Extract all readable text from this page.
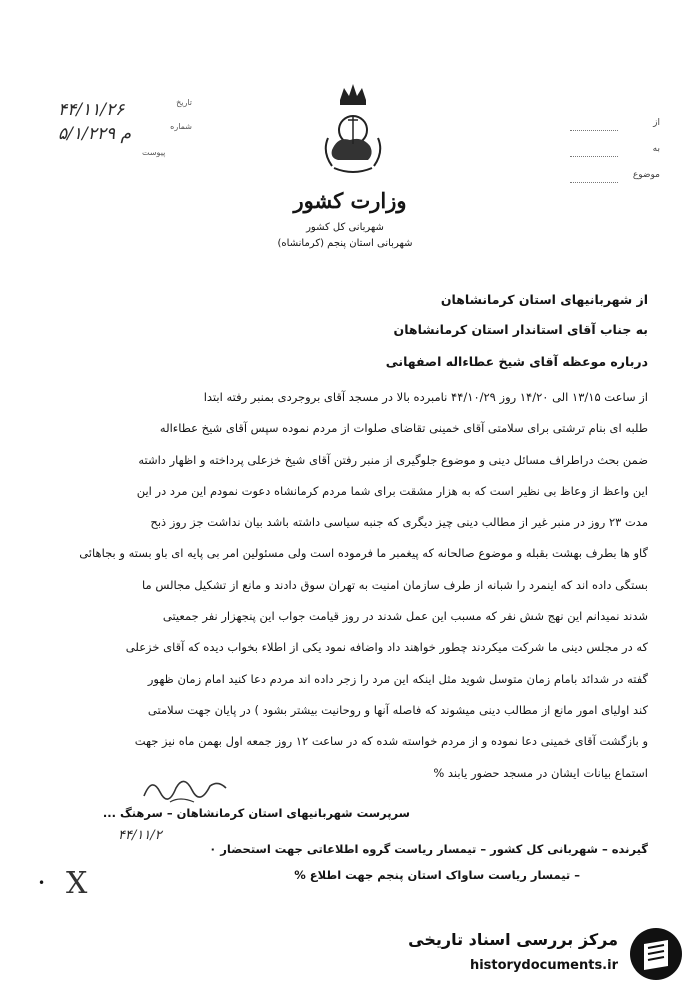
تاریخ
۴۴/۱۱/۲۶
شماره
م ۵/۱/۲۲۹
پیوست
از
به
موضوع
وزارت کشور
شهربانی کل کشور
شهربانی استان پنجم (کرمانشاه)
از شهربانیهای استان کرمانشاهان
به جناب آقای استاندار استان کرمانشاهان
درباره موعظه آقای شیخ عطاءاله اصفهانی
از ساعت ۱۳/۱۵ الی ۱۴/۲۰ روز ۴۴/۱۰/۲۹ نامبرده بالا در مسجد آقای بروجردی بمنبر رفته ابتدا
طلبه ای بنام ترشتی برای سلامتی آقای خمینی تقاضای صلوات از مردم نموده سپس آقای شیخ عطاءاله
ضمن بحث دراطراف مسائل دینی و موضوع جلوگیری از منبر رفتن آقای شیخ خزعلی پرداخته و اظهار داشته
این واعظ از وعاظ بی نظیر است که به هزار مشقت برای شما مردم کرمانشاه دعوت نمودم این مرد در این
مدت ۲۳ روز در منبر غیر از مطالب دینی چیز دیگری که جنبه سیاسی داشته باشد بیان نداشت جز روز ذبح
گاو ها بطرف بهشت بقبله و موضوع صالحانه که پیغمبر ما فرموده است ولی مسئولین امر بی پایه ای باو بسته و بجاهائی
بستگی داده اند که اینمرد را شبانه از طرف سازمان امنیت به تهران سوق دادند و مانع از تشکیل مجالس ما
شدند نمیدانم این نهج شش نفر که مسبب این عمل شدند در روز قیامت جواب این پنجهزار نفر جمعیتی
که در مجلس دینی ما شرکت میکردند چطور خواهند داد واضافه نمود یکی از اطلاء بخواب دیده که آقای خزعلی
گفته در شدائد بامام زمان متوسل شوید مثل اینکه این مرد را زجر داده اند مردم دعا کنید امام زمان ظهور
کند اولیای امور مانع از مطالب دینی میشوند که فاصله آنها و روحانیت بیشتر بشود ) در پایان جهت سلامتی
و بازگشت آقای خمینی دعا نموده و از مردم خواسته شده که در ساعت ۱۲ روز جمعه اول بهمن ماه نیز جهت
استماع بیانات ایشان در مسجد حضور یابند %
۴۴/۱۱/۲
سرپرست شهربانیهای استان کرمانشاهان – سرهنگ ...
گیرنده – شهربانی کل کشور – تیمسار ریاست گروه اطلاعاتی جهت استحضار ٠
– تیمسار ریاست ساواک استان پنجم جهت اطلاع %
• X
مرکز بررسی اسناد تاریخی
historydocuments.ir
